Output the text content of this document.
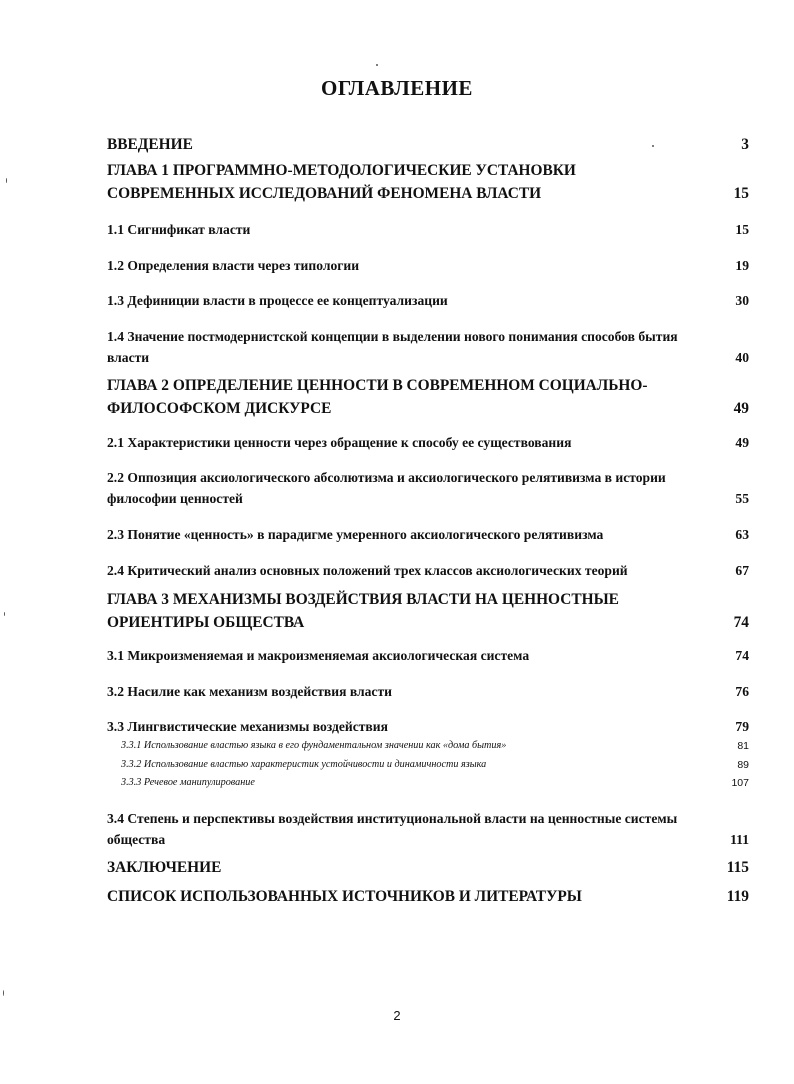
ОГЛАВЛЕНИЕ
ВВЕДЕНИЕ	3
ГЛАВА 1 ПРОГРАММНО-МЕТОДОЛОГИЧЕСКИЕ УСТАНОВКИ СОВРЕМЕННЫХ ИССЛЕДОВАНИЙ ФЕНОМЕНА ВЛАСТИ	15
1.1 Сигнификат власти	15
1.2 Определения власти через типологии	19
1.3 Дефиниции власти в процессе ее концептуализации	30
1.4 Значение постмодернистской концепции в выделении нового понимания способов бытия власти	40
ГЛАВА 2 ОПРЕДЕЛЕНИЕ ЦЕННОСТИ В СОВРЕМЕННОМ СОЦИАЛЬНО-ФИЛОСОФСКОМ ДИСКУРСЕ	49
2.1 Характеристики ценности через обращение к способу ее существования	49
2.2 Оппозиция аксиологического абсолютизма и аксиологического релятивизма в истории философии ценностей	55
2.3 Понятие «ценность» в парадигме умеренного аксиологического релятивизма	63
2.4 Критический анализ основных положений трех классов аксиологических теорий	67
ГЛАВА 3 МЕХАНИЗМЫ ВОЗДЕЙСТВИЯ ВЛАСТИ НА ЦЕННОСТНЫЕ ОРИЕНТИРЫ ОБЩЕСТВА	74
3.1 Микроизменяемая и макроизменяемая аксиологическая система	74
3.2 Насилие как механизм воздействия власти	76
3.3 Лингвистические механизмы воздействия	79
3.3.1 Использование властью языка в его фундаментальном значении как «дома бытия»	81
3.3.2 Использование властью характеристик устойчивости и динамичности языка	89
3.3.3 Речевое манипулирование	107
3.4 Степень и перспективы воздействия институциональной власти на ценностные системы общества	111
ЗАКЛЮЧЕНИЕ	115
СПИСОК ИСПОЛЬЗОВАННЫХ ИСТОЧНИКОВ И ЛИТЕРАТУРЫ	119
2
